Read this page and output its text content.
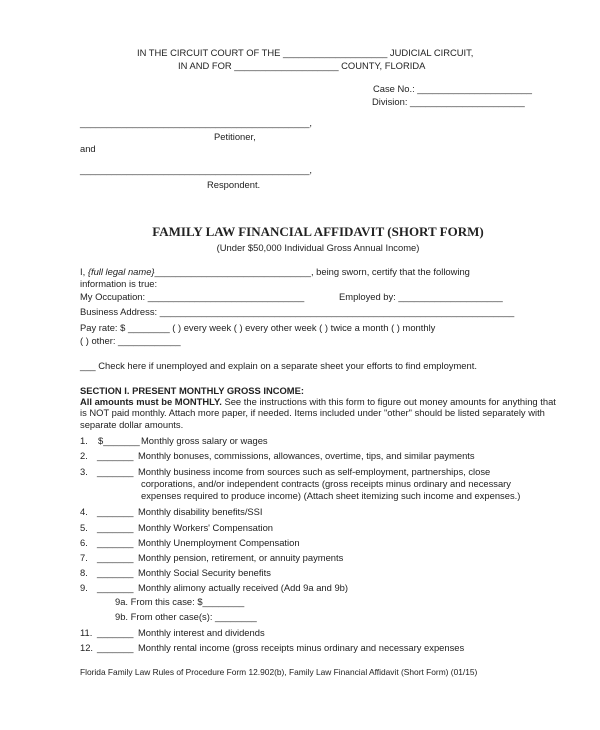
IN THE CIRCUIT COURT OF THE ____________________ JUDICIAL CIRCUIT,
IN AND FOR ____________________ COUNTY, FLORIDA
Case No.: ______________________
Division: ______________________
____________________________________________,
Petitioner,
and
____________________________________________,
Respondent.
FAMILY LAW FINANCIAL AFFIDAVIT (SHORT FORM)
(Under $50,000 Individual Gross Annual Income)
I, {full legal name}______________________________, being sworn, certify that the following
information is true:
My Occupation: ______________________________	Employed by: ____________________
Business Address: ____________________________________________________________________
Pay rate: $ ________ ( ) every week ( ) every other week ( ) twice a month ( ) monthly
( ) other: ____________
___ Check here if unemployed and explain on a separate sheet your efforts to find employment.
SECTION I. PRESENT MONTHLY GROSS INCOME:
All amounts must be MONTHLY. See the instructions with this form to figure out money amounts for anything that is NOT paid monthly. Attach more paper, if needed. Items included under "other" should be listed separately with separate dollar amounts.
1. $_______ Monthly gross salary or wages
2. _______ Monthly bonuses, commissions, allowances, overtime, tips, and similar payments
3. _______ Monthly business income from sources such as self-employment, partnerships, close
corporations, and/or independent contracts (gross receipts minus ordinary and necessary
expenses required to produce income) (Attach sheet itemizing such income and expenses.)
4. _______ Monthly disability benefits/SSI
5. _______ Monthly Workers' Compensation
6. _______ Monthly Unemployment Compensation
7. _______ Monthly pension, retirement, or annuity payments
8. _______ Monthly Social Security benefits
9. _______ Monthly alimony actually received (Add 9a and 9b)
9a. From this case: $________
9b. From other case(s): ________
11. _______ Monthly interest and dividends
12. _______ Monthly rental income (gross receipts minus ordinary and necessary expenses
Florida Family Law Rules of Procedure Form 12.902(b), Family Law Financial Affidavit (Short Form) (01/15)
